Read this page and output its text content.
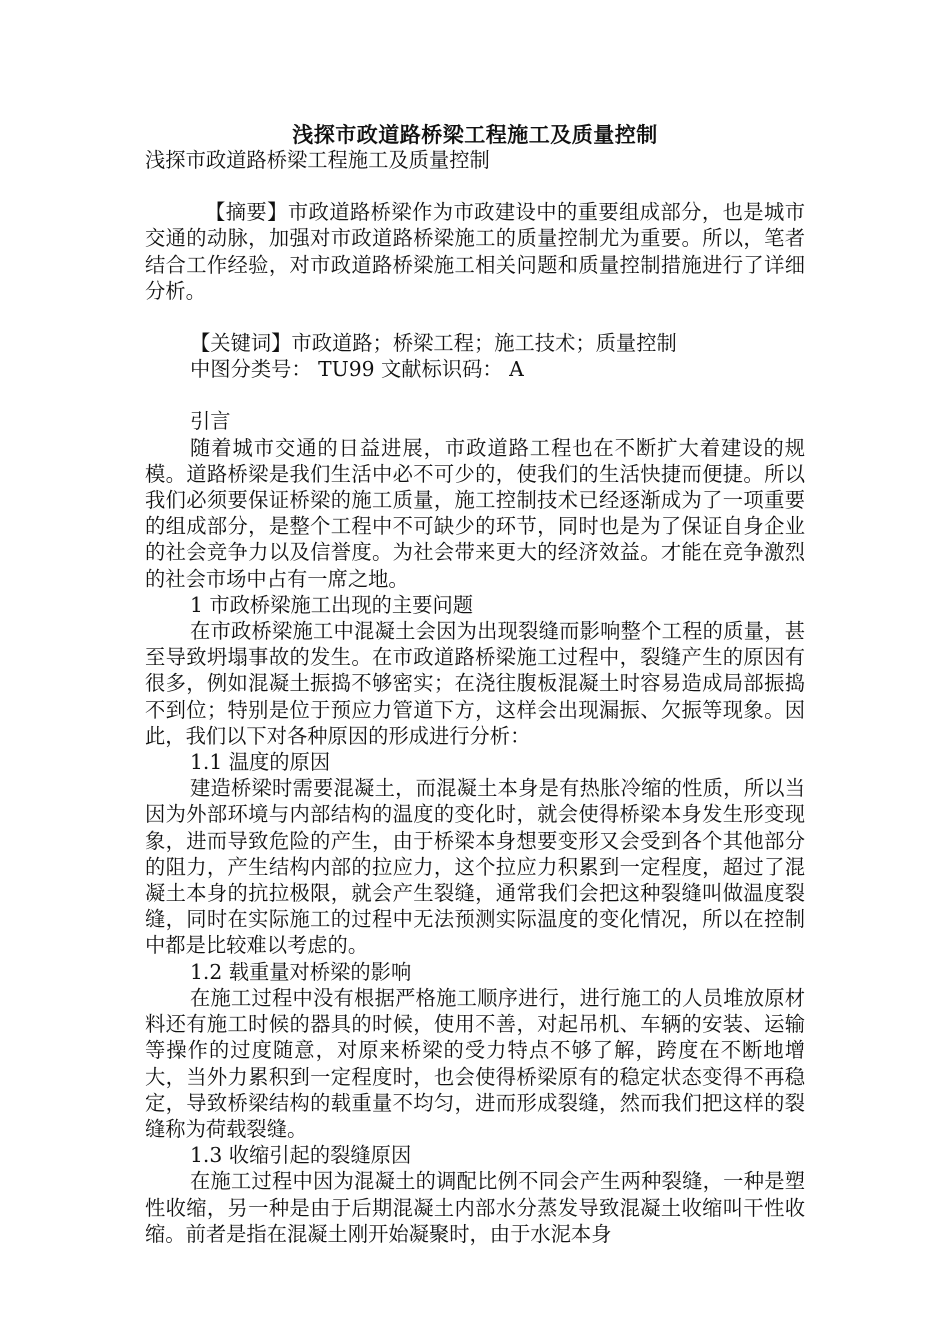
浅探市政道路桥梁工程施工及质量控制

浅探市政道路桥梁工程施工及质量控制

【摘要】市政道路桥梁作为市政建设中的重要组成部分，也是城市交通的动脉，加强对市政道路桥梁施工的质量控制尤为重要。所以，笔者结合工作经验，对市政道路桥梁施工相关问题和质量控制措施进行了详细分析。

【关键词】市政道路；桥梁工程；施工技术；质量控制

中图分类号： TU99 文献标识码： A

引言

随着城市交通的日益进展，市政道路工程也在不断扩大着建设的规模。道路桥梁是我们生活中必不可少的，使我们的生活快捷而便捷。所以我们必须要保证桥梁的施工质量，施工控制技术已经逐渐成为了一项重要的组成部分，是整个工程中不可缺少的环节，同时也是为了保证自身企业的社会竞争力以及信誉度。为社会带来更大的经济效益。才能在竞争激烈的社会市场中占有一席之地。

1 市政桥梁施工出现的主要问题

在市政桥梁施工中混凝土会因为出现裂缝而影响整个工程的质量，甚至导致坍塌事故的发生。在市政道路桥梁施工过程中，裂缝产生的原因有很多，例如混凝土振捣不够密实；在浇往腹板混凝土时容易造成局部振捣不到位；特别是位于预应力管道下方，这样会出现漏振、欠振等现象。因此，我们以下对各种原因的形成进行分析：

1.1 温度的原因

建造桥梁时需要混凝土，而混凝土本身是有热胀冷缩的性质，所以当因为外部环境与内部结构的温度的变化时，就会使得桥梁本身发生形变现象，进而导致危险的产生，由于桥梁本身想要变形又会受到各个其他部分的阻力，产生结构内部的拉应力，这个拉应力积累到一定程度，超过了混凝土本身的抗拉极限，就会产生裂缝，通常我们会把这种裂缝叫做温度裂缝，同时在实际施工的过程中无法预测实际温度的变化情况，所以在控制中都是比较难以考虑的。

1.2 载重量对桥梁的影响

在施工过程中没有根据严格施工顺序进行，进行施工的人员堆放原材料还有施工时候的器具的时候，使用不善，对起吊机、车辆的安装、运输等操作的过度随意，对原来桥梁的受力特点不够了解，跨度在不断地增大，当外力累积到一定程度时，也会使得桥梁原有的稳定状态变得不再稳定，导致桥梁结构的载重量不均匀，进而形成裂缝，然而我们把这样的裂缝称为荷载裂缝。

1.3 收缩引起的裂缝原因

在施工过程中因为混凝土的调配比例不同会产生两种裂缝，一种是塑性收缩，另一种是由于后期混凝土内部水分蒸发导致混凝土收缩叫干性收缩。前者是指在混凝土刚开始凝聚时，由于水泥本身
